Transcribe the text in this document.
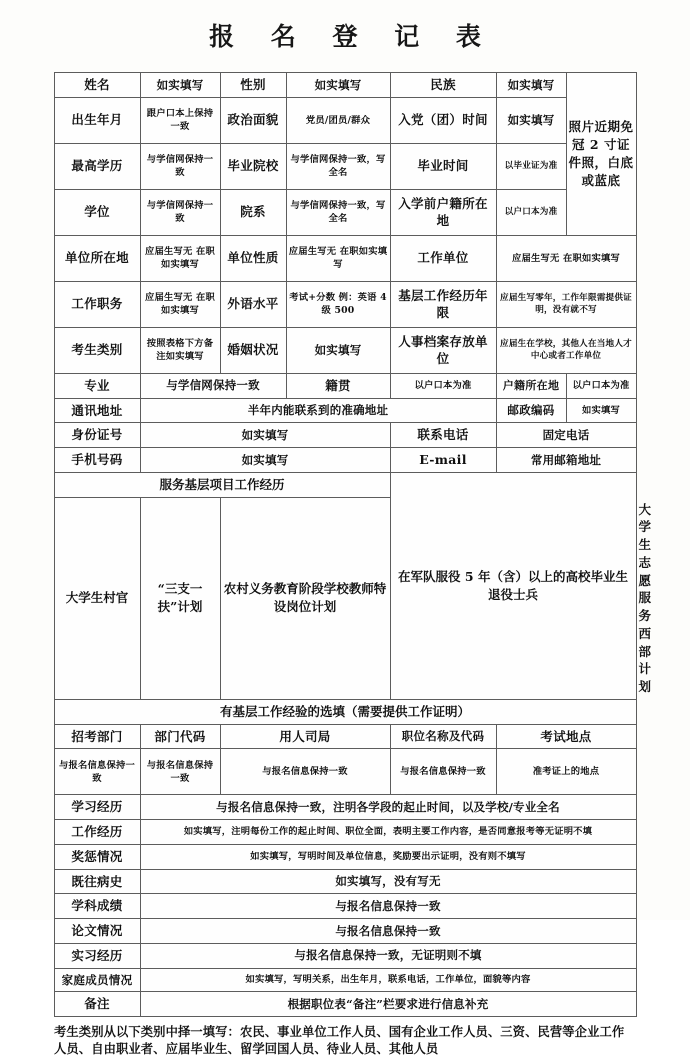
报 名 登 记 表
姓名	如实填写	性别	如实填写	民族	如实填写	照片近期免冠 2 寸证件照，白底或蓝底	
出生年月	跟户口本上保持一致	政治面貌	党员/团员/群众	入党（团）时间	如实填写		
最高学历	与学信网保持一致	毕业院校	与学信网保持一致，写全名	毕业时间	以毕业证为准		
学位	与学信网保持一致	院系	与学信网保持一致，写全名	入学前户籍所在地	以户口本为准		
单位所在地	应届生写无 在职如实填写	单位性质	应届生写无 在职如实填写	工作单位	应届生写无 在职如实填写		
工作职务	应届生写无 在职如实填写	外语水平	考试+分数 例：英语 4 级 500	基层工作经历年限	应届生写零年，工作年限需提供证明，没有就不写		
考生类别	按照表格下方备注如实填写	婚姻状况	如实填写	人事档案存放单位	应届生在学校，其他人在当地人才中心或者工作单位		
专业	与学信网保持一致		籍贯	以户口本为准	户籍所在地	以户口本为准	
通讯地址	半年内能联系到的准确地址				邮政编码	如实填写	
身份证号	如实填写			联系电话	固定电话		
手机号码	如实填写			E-mail	常用邮箱地址		
服务基层项目工作经历				在军队服役 5 年（含）以上的高校毕业生退役士兵			
大学生村官	“三支一扶”计划	农村义务教育阶段学校教师特设岗位计划					大学生志愿服务西部计划
有基层工作经验的选填（需要提供工作证明）							
招考部门	部门代码	用人司局		职位名称及代码	考试地点		
与报名信息保持一致	与报名信息保持一致	与报名信息保持一致		与报名信息保持一致	准考证上的地点		
学习经历	与报名信息保持一致，注明各学段的起止时间，以及学校/专业全名						
工作经历	如实填写，注明每份工作的起止时间、职位全面，表明主要工作内容，是否同意报考等无证明不填						
奖惩情况	如实填写，写明时间及单位信息，奖励要出示证明，没有则不填写						
既往病史	如实填写，没有写无						
学科成绩	与报名信息保持一致						
论文情况	与报名信息保持一致						
实习经历	与报名信息保持一致，无证明则不填						
家庭成员情况	如实填写，写明关系，出生年月，联系电话，工作单位，面貌等内容						
备注	根据职位表“备注”栏要求进行信息补充						
考生类别从以下类别中择一填写：农民、事业单位工作人员、国有企业工作人员、三资、民营等企业工作
人员、自由职业者、应届毕业生、留学回国人员、待业人员、其他人员
